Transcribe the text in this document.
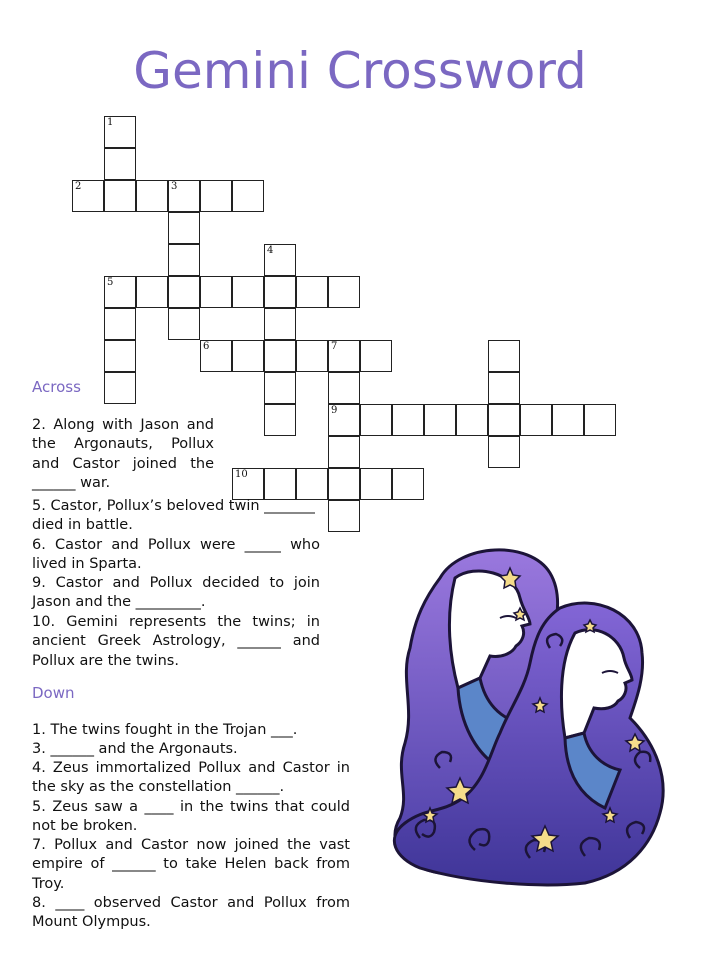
Gemini Crossword
1
2	3
4
5
6	7
9
10
Across

2. Along with Jason and the Argonauts, Pollux and Castor joined the ______ war.

5. Castor, Pollux’s beloved twin _______ died in battle.

6. Castor and Pollux were _____ who lived in Sparta.

9. Castor and Pollux decided to join Jason and the _________.

10. Gemini represents the twins; in ancient Greek Astrology, ______ and Pollux are the twins.

Down

1. The twins fought in the Trojan ___.

3. ______ and the Argonauts.

4. Zeus immortalized Pollux and Castor in the sky as the constellation ______.

5. Zeus saw a ____ in the twins that could not be broken.

7. Pollux and Castor now joined the vast empire of ______ to take Helen back from Troy.

8. ____ observed Castor and Pollux from Mount Olympus.
